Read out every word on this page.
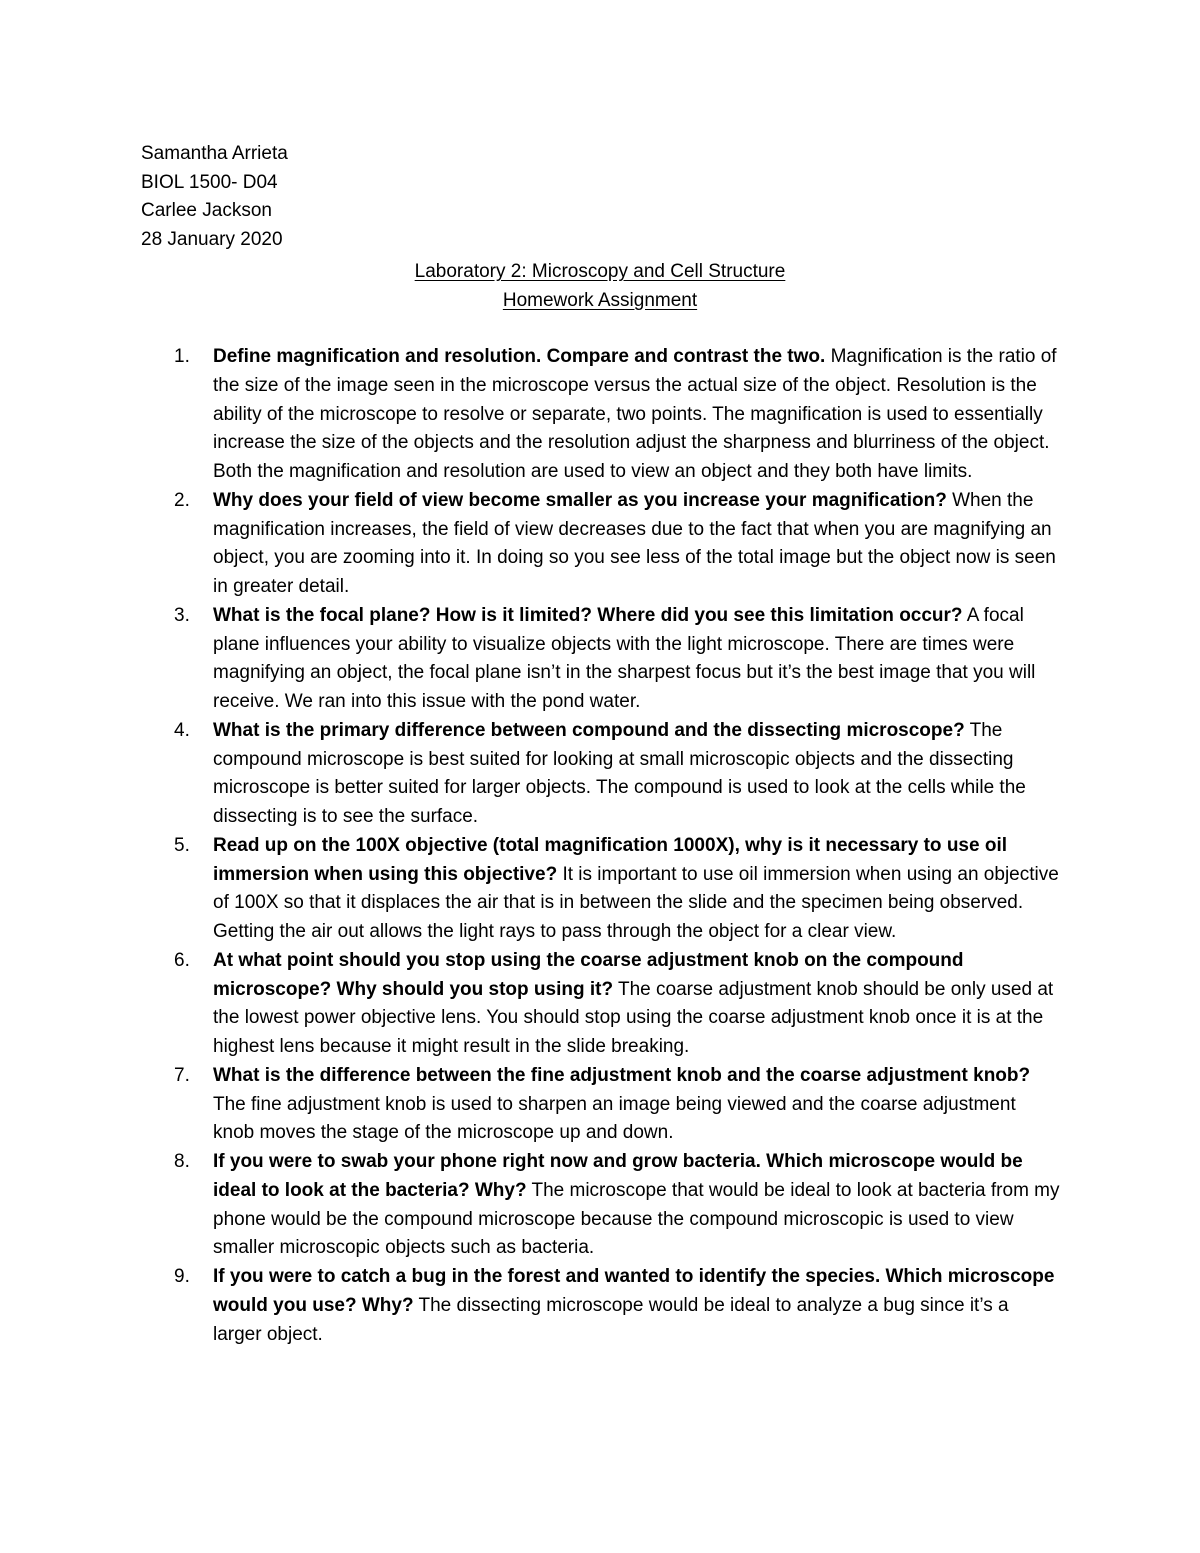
Samantha Arrieta
BIOL 1500- D04
Carlee Jackson
28 January 2020
Laboratory 2: Microscopy and Cell Structure
Homework Assignment
1.	Define magnification and resolution. Compare and contrast the two. Magnification is the ratio of the size of the image seen in the microscope versus the actual size of the object. Resolution is the ability of the microscope to resolve or separate, two points. The magnification is used to essentially increase the size of the objects and the resolution adjust the sharpness and blurriness of the object. Both the magnification and resolution are used to view an object and they both have limits.
2.	Why does your field of view become smaller as you increase your magnification? When the magnification increases, the field of view decreases due to the fact that when you are magnifying an object, you are zooming into it. In doing so you see less of the total image but the object now is seen in greater detail.
3.	What is the focal plane? How is it limited? Where did you see this limitation occur? A focal plane influences your ability to visualize objects with the light microscope. There are times were magnifying an object, the focal plane isn’t in the sharpest focus but it’s the best image that you will receive. We ran into this issue with the pond water.
4.	What is the primary difference between compound and the dissecting microscope? The compound microscope is best suited for looking at small microscopic objects and the dissecting microscope is better suited for larger objects. The compound is used to look at the cells while the dissecting is to see the surface.
5.	Read up on the 100X objective (total magnification 1000X), why is it necessary to use oil immersion when using this objective? It is important to use oil immersion when using an objective of 100X so that it displaces the air that is in between the slide and the specimen being observed. Getting the air out allows the light rays to pass through the object for a clear view.
6.	At what point should you stop using the coarse adjustment knob on the compound microscope? Why should you stop using it? The coarse adjustment knob should be only used at the lowest power objective lens. You should stop using the coarse adjustment knob once it is at the highest lens because it might result in the slide breaking.
7.	What is the difference between the fine adjustment knob and the coarse adjustment knob? The fine adjustment knob is used to sharpen an image being viewed and the coarse adjustment knob moves the stage of the microscope up and down.
8.	If you were to swab your phone right now and grow bacteria. Which microscope would be ideal to look at the bacteria? Why? The microscope that would be ideal to look at bacteria from my phone would be the compound microscope because the compound microscopic is used to view smaller microscopic objects such as bacteria.
9.	If you were to catch a bug in the forest and wanted to identify the species. Which microscope would you use? Why? The dissecting microscope would be ideal to analyze a bug since it’s a larger object.
